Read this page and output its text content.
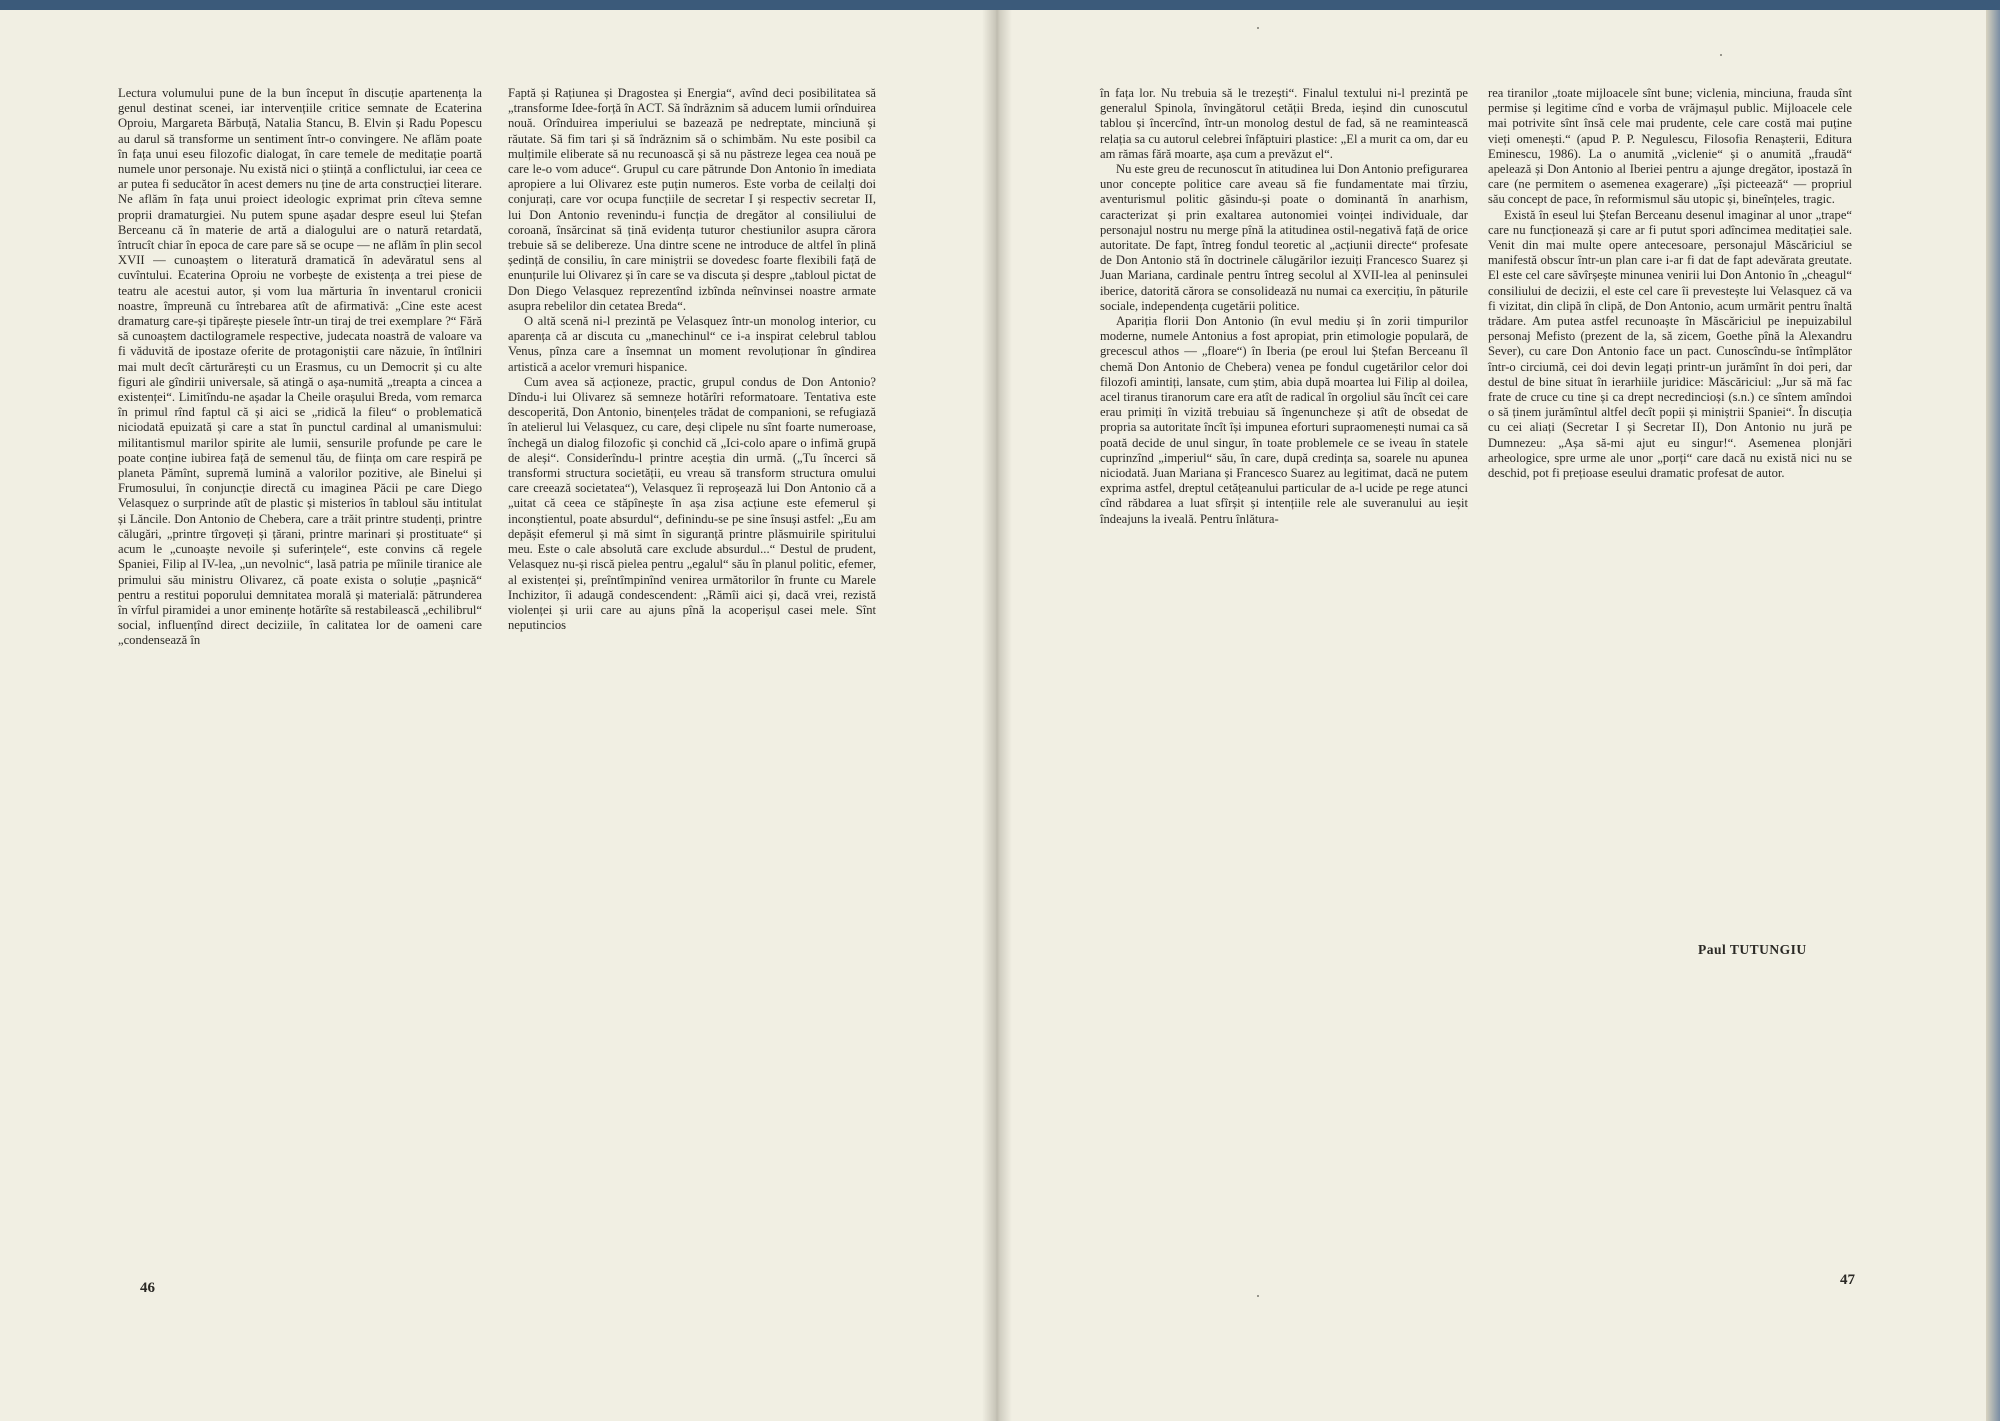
Lectura volumului pune de la bun început în discuție apartenența la genul destinat scenei, iar intervențiile critice semnate de Ecaterina Oproiu, Margareta Bărbuță, Natalia Stancu, B. Elvin și Radu Popescu au darul să transforme un sentiment într-o convingere. Ne aflăm poate în fața unui eseu filozofic dialogat, în care temele de meditație poartă numele unor personaje. Nu există nici o știință a conflictului, iar ceea ce ar putea fi seducător în acest demers nu ține de arta construcției literare. Ne aflăm în fața unui proiect ideologic exprimat prin cîteva semne proprii dramaturgiei. Nu putem spune așadar despre eseul lui Ștefan Berceanu că în materie de artă a dialogului are o natură retardată, întrucît chiar în epoca de care pare să se ocupe — ne aflăm în plin secol XVII — cunoaștem o literatură dramatică în adevăratul sens al cuvîntului. Ecaterina Oproiu ne vorbește de existența a trei piese de teatru ale acestui autor, și vom lua mărturia în inventarul cronicii noastre, împreună cu întrebarea atît de afirmativă: „Cine este acest dramaturg care-și tipărește piesele într-un tiraj de trei exemplare ?“ Fără să cunoaștem dactilogramele respective, judecata noastră de valoare va fi văduvită de ipostaze oferite de protagoniștii care năzuie, în întîlniri mai mult decît cărturărești cu un Erasmus, cu un Democrit și cu alte figuri ale gîndirii universale, să atingă o așa-numită „treapta a cincea a existenței“. Limitîndu-ne așadar la Cheile orașului Breda, vom remarca în primul rînd faptul că și aici se „ridică la fileu“ o problematică niciodată epuizată și care a stat în punctul cardinal al umanismului: militantismul marilor spirite ale lumii, sensurile profunde pe care le poate conține iubirea față de semenul tău, de ființa om care respiră pe planeta Pămînt, supremă lumină a valorilor pozitive, ale Binelui și Frumosului, în conjuncție directă cu imaginea Păcii pe care Diego Velasquez o surprinde atît de plastic și misterios în tabloul său intitulat și Lăncile. Don Antonio de Chebera, care a trăit printre studenți, printre călugări, „printre tîrgoveți și țărani, printre marinari și prostituate“ și acum le „cunoaște nevoile și suferințele“, este convins că regele Spaniei, Filip al IV-lea, „un nevolnic“, lasă patria pe mîinile tiranice ale primului său ministru Olivarez, că poate exista o soluție „pașnică“ pentru a restitui poporului demnitatea morală și materială: pătrunderea în vîrful piramidei a unor eminențe hotărîte să restabilească „echilibrul“ social, influențînd direct deciziile, în calitatea lor de oameni care „condensează în

Faptă și Rațiunea și Dragostea și Energia“, avînd deci posibilitatea să „transforme Idee-forță în ACT. Să îndrăznim să aducem lumii orînduirea nouă. Orînduirea imperiului se bazează pe nedreptate, minciună și răutate. Să fim tari și să îndrăznim să o schimbăm. Nu este posibil ca mulțimile eliberate să nu recunoască și să nu păstreze legea cea nouă pe care le-o vom aduce“. Grupul cu care pătrunde Don Antonio în imediata apropiere a lui Olivarez este puțin numeros. Este vorba de ceilalți doi conjurați, care vor ocupa funcțiile de secretar I și respectiv secretar II, lui Don Antonio revenindu-i funcția de dregător al consiliului de coroană, însărcinat să țină evidența tuturor chestiunilor asupra cărora trebuie să se delibereze. Una dintre scene ne introduce de altfel în plină ședință de consiliu, în care miniștrii se dovedesc foarte flexibili față de enunțurile lui Olivarez și în care se va discuta și despre „tabloul pictat de Don Diego Velasquez reprezentînd izbînda neînvinsei noastre armate asupra rebelilor din cetatea Breda“.

O altă scenă ni-l prezintă pe Velasquez într-un monolog interior, cu aparența că ar discuta cu „manechinul“ ce i-a inspirat celebrul tablou Venus, pînza care a însemnat un moment revoluționar în gîndirea artistică a acelor vremuri hispanice.

Cum avea să acționeze, practic, grupul condus de Don Antonio? Dîndu-i lui Olivarez să semneze hotărîri reformatoare. Tentativa este descoperită, Don Antonio, binențeles trădat de companioni, se refugiază în atelierul lui Velasquez, cu care, deși clipele nu sînt foarte numeroase, închegă un dialog filozofic și conchid că „Ici-colo apare o infimă grupă de aleși“. Considerîndu-l printre aceștia din urmă. („Tu încerci să transformi structura societății, eu vreau să transform structura omului care creează societatea“), Velasquez îi reproșează lui Don Antonio că a „uitat că ceea ce stăpînește în așa zisa acțiune este efemerul și inconștientul, poate absurdul“, definindu-se pe sine însuși astfel: „Eu am depășit efemerul și mă simt în siguranță printre plăsmuirile spiritului meu. Este o cale absolută care exclude absurdul...“ Destul de prudent, Velasquez nu-și riscă pielea pentru „egalul“ său în planul politic, efemer, al existenței și, preîntîmpinînd venirea următorilor în frunte cu Marele Inchizitor, îi adaugă condescendent: „Rămîi aici și, dacă vrei, rezistă violenței și urii care au ajuns pînă la acoperișul casei mele. Sînt neputincios

46

în fața lor. Nu trebuia să le trezești“. Finalul textului ni-l prezintă pe generalul Spinola, învingătorul cetății Breda, ieșind din cunoscutul tablou și încercînd, într-un monolog destul de fad, să ne reamintească relația sa cu autorul celebrei înfăptuiri plastice: „El a murit ca om, dar eu am rămas fără moarte, așa cum a prevăzut el“.

Nu este greu de recunoscut în atitudinea lui Don Antonio prefigurarea unor concepte politice care aveau să fie fundamentate mai tîrziu, aventurismul politic găsindu-și poate o dominantă în anarhism, caracterizat și prin exaltarea autonomiei voinței individuale, dar personajul nostru nu merge pînă la atitudinea ostil-negativă față de orice autoritate. De fapt, întreg fondul teoretic al „acțiunii directe“ profesate de Don Antonio stă în doctrinele călugărilor iezuiți Francesco Suarez și Juan Mariana, cardinale pentru întreg secolul al XVII-lea al peninsulei iberice, datorită cărora se consolidează nu numai ca exercițiu, în păturile sociale, independența cugetării politice.

Apariția florii Don Antonio (în evul mediu și în zorii timpurilor moderne, numele Antonius a fost apropiat, prin etimologie populară, de grecescul athos — „floare“) în Iberia (pe eroul lui Ștefan Berceanu îl chemă Don Antonio de Chebera) venea pe fondul cugetărilor celor doi filozofi amintiți, lansate, cum știm, abia după moartea lui Filip al doilea, acel tiranus tiranorum care era atît de radical în orgoliul său încît cei care erau primiți în vizită trebuiau să îngenuncheze și atît de obsedat de propria sa autoritate încît își impunea eforturi supraomenești numai ca să poată decide de unul singur, în toate problemele ce se iveau în statele cuprinzînd „imperiul“ său, în care, după credința sa, soarele nu apunea niciodată. Juan Mariana și Francesco Suarez au legitimat, dacă ne putem exprima astfel, dreptul cetățeanului particular de a-l ucide pe rege atunci cînd răbdarea a luat sfîrșit și intențiile rele ale suveranului au ieșit îndeajuns la iveală. Pentru înlătura-

rea tiranilor „toate mijloacele sînt bune; viclenia, minciuna, frauda sînt permise și legitime cînd e vorba de vrăjmașul public. Mijloacele cele mai potrivite sînt însă cele mai prudente, cele care costă mai puține vieți omenești.“ (apud P. P. Negulescu, Filosofia Renașterii, Editura Eminescu, 1986). La o anumită „viclenie“ și o anumită „fraudă“ apelează și Don Antonio al Iberiei pentru a ajunge dregător, ipostază în care (ne permitem o asemenea exagerare) „își picteează“ — propriul său concept de pace, în reformismul său utopic și, bineînțeles, tragic.

Există în eseul lui Ștefan Berceanu desenul imaginar al unor „trape“ care nu funcționează și care ar fi putut spori adîncimea meditației sale. Venit din mai multe opere antecesoare, personajul Măscăriciul se manifestă obscur într-un plan care i-ar fi dat de fapt adevărata greutate. El este cel care săvîrșește minunea venirii lui Don Antonio în „cheagul“ consiliului de decizii, el este cel care îi prevestește lui Velasquez că va fi vizitat, din clipă în clipă, de Don Antonio, acum urmărit pentru înaltă trădare. Am putea astfel recunoaște în Măscăriciul pe inepuizabilul personaj Mefisto (prezent de la, să zicem, Goethe pînă la Alexandru Sever), cu care Don Antonio face un pact. Cunoscîndu-se întîmplător într-o circiumă, cei doi devin legați printr-un jurămînt în doi peri, dar destul de bine situat în ierarhiile juridice: Măscăriciul: „Jur să mă fac frate de cruce cu tine și ca drept necredincioși (s.n.) ce sîntem amîndoi o să ținem jurămîntul altfel decît popii și miniștrii Spaniei“. În discuția cu cei aliați (Secretar I și Secretar II), Don Antonio nu jură pe Dumnezeu: „Așa să-mi ajut eu singur!“. Asemenea plonjări arheologice, spre urme ale unor „porți“ care dacă nu există nici nu se deschid, pot fi prețioase eseului dramatic profesat de autor.

Paul TUTUNGIU
47
